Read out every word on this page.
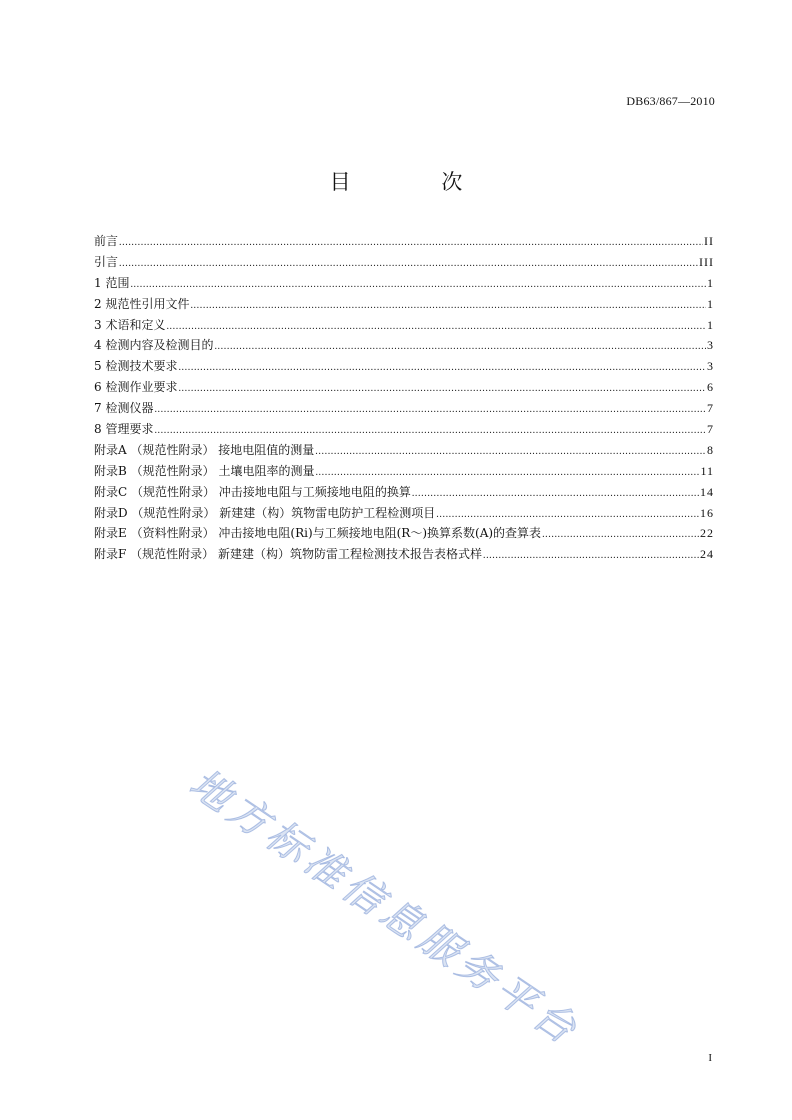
DB63/867—2010
目 次
前言 .....	II
引言 .....	III
1 范围 .....	1
2 规范性引用文件 .....	1
3 术语和定义 .....	1
4 检测内容及检测目的 .....	3
5 检测技术要求 .....	3
6 检测作业要求 .....	6
7 检测仪器 .....	7
8 管理要求 .....	7
附录A （规范性附录） 接地电阻值的测量 .....	8
附录B （规范性附录） 土壤电阻率的测量 .....	11
附录C （规范性附录） 冲击接地电阻与工频接地电阻的换算 .....	14
附录D （规范性附录） 新建建（构）筑物雷电防护工程检测项目 .....	16
附录E （资料性附录） 冲击接地电阻(Ri)与工频接地电阻(R～)换算系数(A)的查算表 .....	22
附录F （规范性附录） 新建建（构）筑物防雷工程检测技术报告表格式样 .....	24
地方标准信息服务平台
I
